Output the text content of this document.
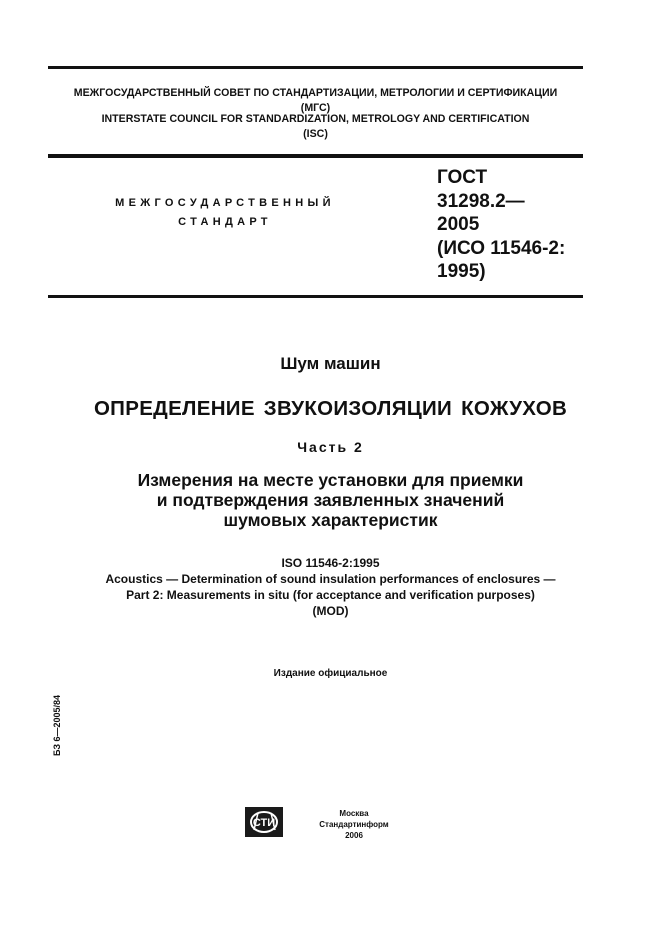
МЕЖГОСУДАРСТВЕННЫЙ СОВЕТ ПО СТАНДАРТИЗАЦИИ, МЕТРОЛОГИИ И СЕРТИФИКАЦИИ
(МГС)
INTERSTATE COUNCIL FOR STANDARDIZATION, METROLOGY AND CERTIFICATION
(ISC)
МЕЖГОСУДАРСТВЕННЫЙ
СТАНДАРТ
ГОСТ
31298.2—
2005
(ИСО 11546-2:
1995)
Шум машин
ОПРЕДЕЛЕНИЕ ЗВУКОИЗОЛЯЦИИ КОЖУХОВ
Часть 2
Измерения на месте установки для приемки
и подтверждения заявленных значений
шумовых характеристик
ISO 11546-2:1995
Acoustics — Determination of sound insulation performances of enclosures —
Part 2: Measurements in situ (for acceptance and verification purposes)
(MOD)
Издание официальное
БЗ 6—2005/84
СТИ
Москва
Стандартинформ
2006
